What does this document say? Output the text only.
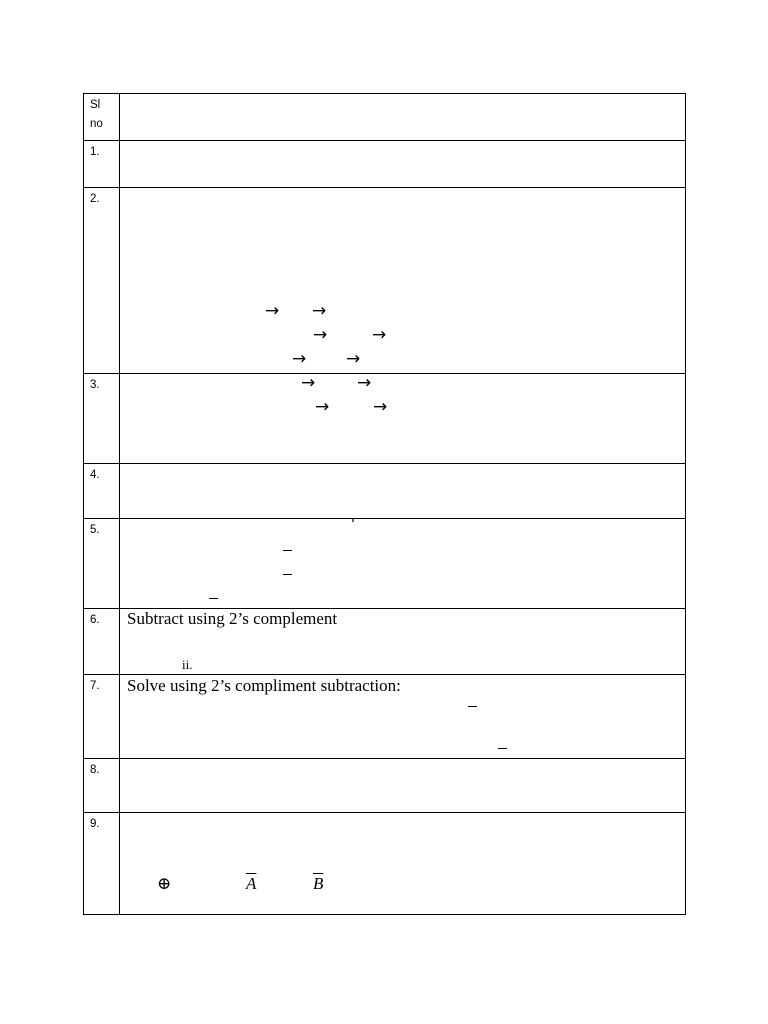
Sl no
1.
2.
→ →
→	→
→ →
→ →
→	→
3.
4.
5.
6. Subtract using 2’s complement
ii.
7. Solve using 2’s compliment subtraction:
8.
9.
⊕	$\overline{A}$	$\overline{B}$
